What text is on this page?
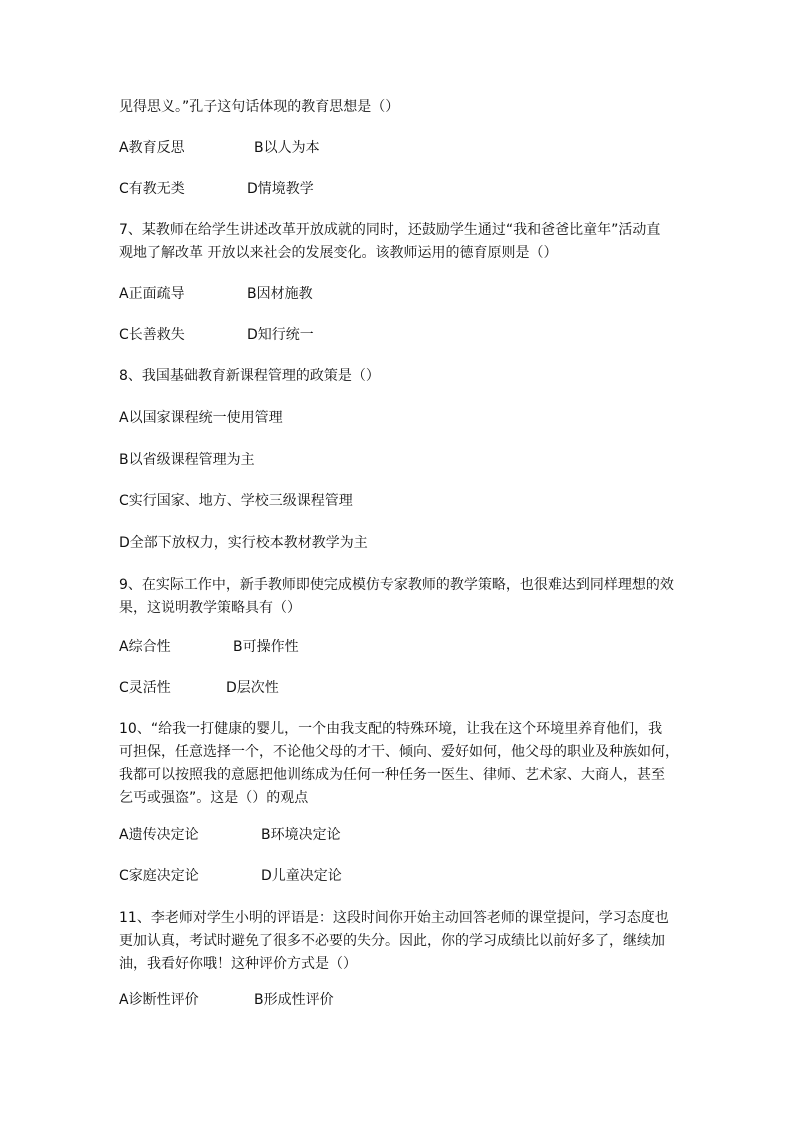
见得思义。”孔子这句话体现的教育思想是（）
A教育反思	B以人为本
C有教无类	D情境教学
7、某教师在给学生讲述改革开放成就的同时，还鼓励学生通过“我和爸爸比童年”活动直
观地了解改革 开放以来社会的发展变化。该教师运用的德育原则是（）
A正面疏导	B因材施教
C长善救失	D知行统一
8、我国基础教育新课程管理的政策是（）
A以国家课程统一使用管理
B以省级课程管理为主
C实行国家、地方、学校三级课程管理
D全部下放权力，实行校本教材教学为主
9、在实际工作中，新手教师即使完成模仿专家教师的教学策略，也很难达到同样理想的效
果，这说明教学策略具有（）
A综合性	B可操作性
C灵活性	D层次性
10、“给我一打健康的婴儿，一个由我支配的特殊环境，让我在这个环境里养育他们，我
可担保，任意选择一个，不论他父母的才干、倾向、爱好如何，他父母的职业及种族如何，
我都可以按照我的意愿把他训练成为任何一种任务一医生、律师、艺术家、大商人，甚至
乞丐或强盗”。这是（）的观点
A遗传决定论	B环境决定论
C家庭决定论	D儿童决定论
11、李老师对学生小明的评语是：这段时间你开始主动回答老师的课堂提问，学习态度也
更加认真，考试时避免了很多不必要的失分。因此，你的学习成绩比以前好多了，继续加
油，我看好你哦！这种评价方式是（）
A诊断性评价	B形成性评价
